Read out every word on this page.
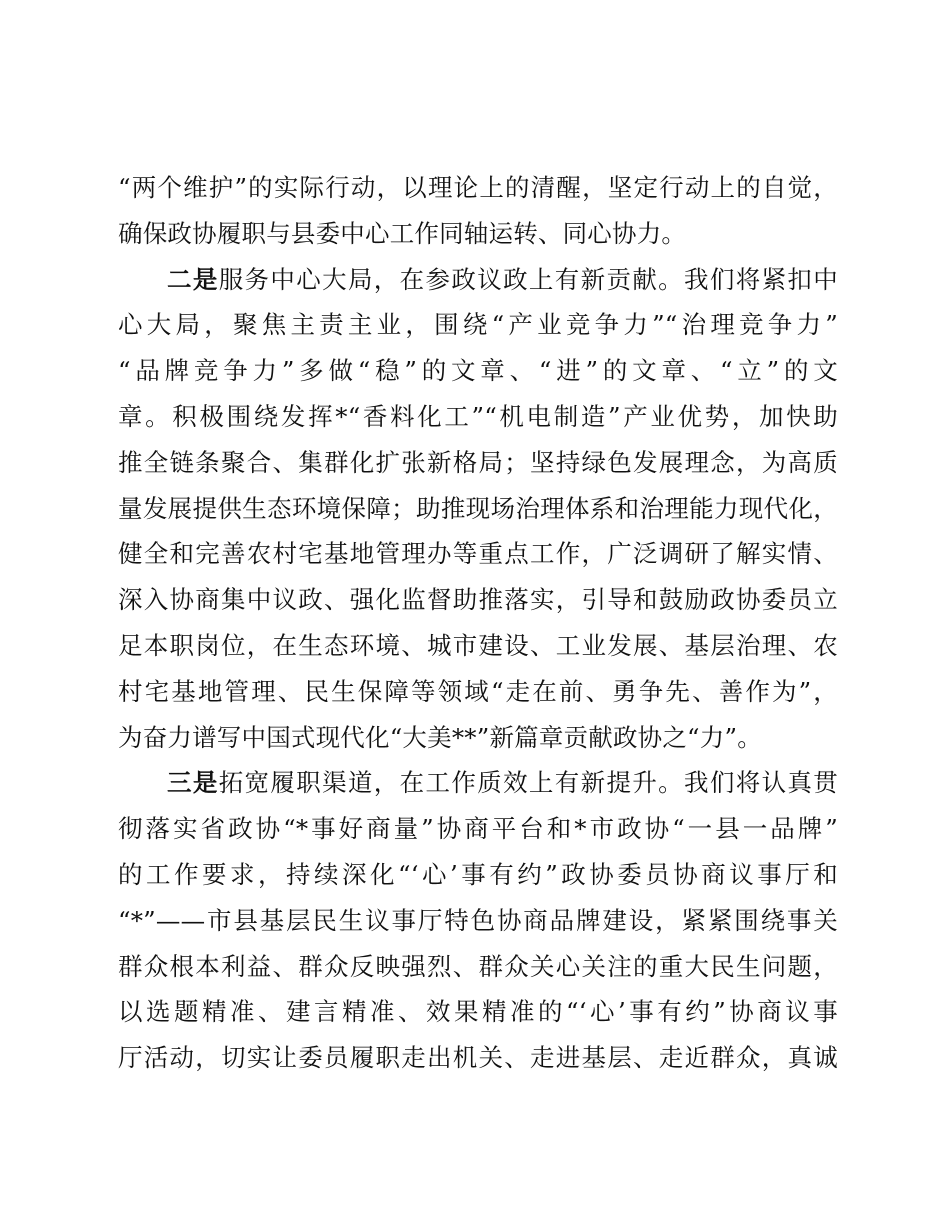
“两个维护”的实际行动，以理论上的清醒，坚定行动上的自觉，
确保政协履职与县委中心工作同轴运转、同心协力。
二是服务中心大局，在参政议政上有新贡献。我们将紧扣中
心大局，聚焦主责主业，围绕“产业竞争力”“治理竞争力”
“品牌竞争力”多做“稳”的文章、“进”的文章、“立”的文
章。积极围绕发挥*“香料化工”“机电制造”产业优势，加快助
推全链条聚合、集群化扩张新格局；坚持绿色发展理念，为高质
量发展提供生态环境保障；助推现场治理体系和治理能力现代化，
健全和完善农村宅基地管理办等重点工作，广泛调研了解实情、
深入协商集中议政、强化监督助推落实，引导和鼓励政协委员立
足本职岗位，在生态环境、城市建设、工业发展、基层治理、农
村宅基地管理、民生保障等领域“走在前、勇争先、善作为”，
为奋力谱写中国式现代化“大美**”新篇章贡献政协之“力”。
三是拓宽履职渠道，在工作质效上有新提升。我们将认真贯
彻落实省政协“*事好商量”协商平台和*市政协“一县一品牌”
的工作要求，持续深化“‘心’事有约”政协委员协商议事厅和
“*”——市县基层民生议事厅特色协商品牌建设，紧紧围绕事关
群众根本利益、群众反映强烈、群众关心关注的重大民生问题，
以选题精准、建言精准、效果精准的“‘心’事有约”协商议事
厅活动，切实让委员履职走出机关、走进基层、走近群众，真诚
